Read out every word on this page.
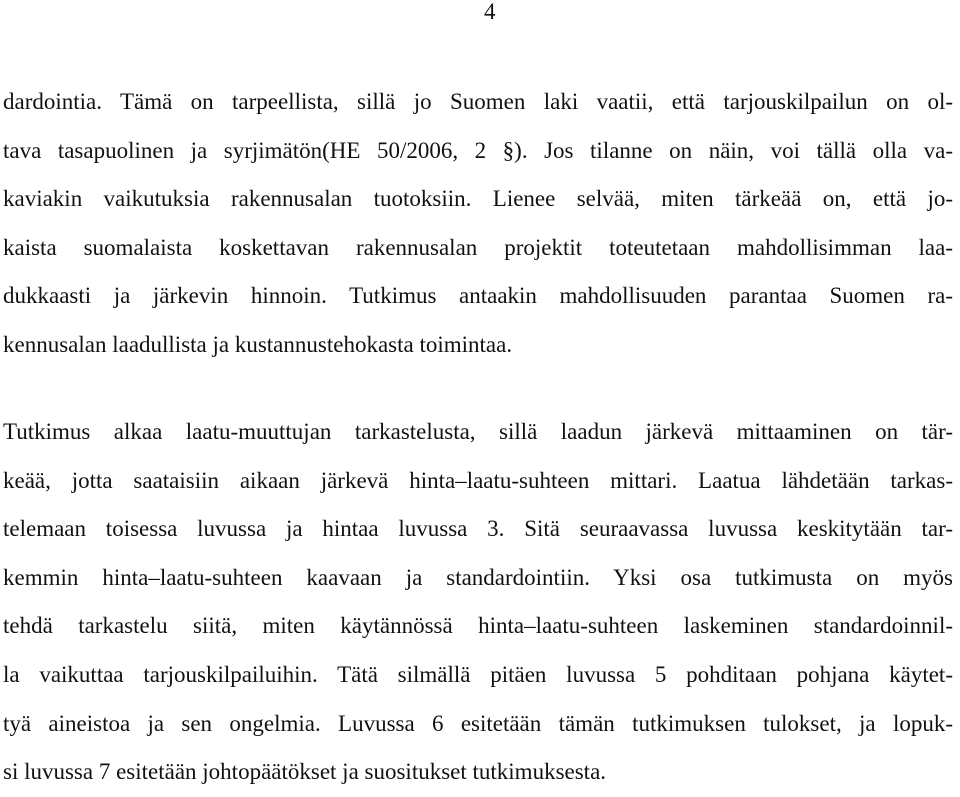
4
dardointia. Tämä on tarpeellista, sillä jo Suomen laki vaatii, että tarjouskilpailun on ol-
tava tasapuolinen ja syrjimätön(HE 50/2006, 2 §). Jos tilanne on näin, voi tällä olla va-
kaviakin vaikutuksia rakennusalan tuotoksiin. Lienee selvää, miten tärkeää on, että jo-
kaista suomalaista koskettavan rakennusalan projektit toteutetaan mahdollisimman laa-
dukkaasti ja järkevin hinnoin. Tutkimus antaakin mahdollisuuden parantaa Suomen ra-
kennusalan laadullista ja kustannustehokasta toimintaa.
Tutkimus alkaa laatu-muuttujan tarkastelusta, sillä laadun järkevä mittaaminen on tär-
keää, jotta saataisiin aikaan järkevä hinta–laatu-suhteen mittari. Laatua lähdetään tarkas-
telemaan toisessa luvussa ja hintaa luvussa 3. Sitä seuraavassa luvussa keskitytään tar-
kemmin hinta–laatu-suhteen kaavaan ja standardointiin. Yksi osa tutkimusta on myös
tehdä tarkastelu siitä, miten käytännössä hinta–laatu-suhteen laskeminen standardoinnil-
la vaikuttaa tarjouskilpailuihin. Tätä silmällä pitäen luvussa 5 pohditaan pohjana käytet-
tyä aineistoa ja sen ongelmia. Luvussa 6 esitetään tämän tutkimuksen tulokset, ja lopuk-
si luvussa 7 esitetään johtopäätökset ja suositukset tutkimuksesta.
